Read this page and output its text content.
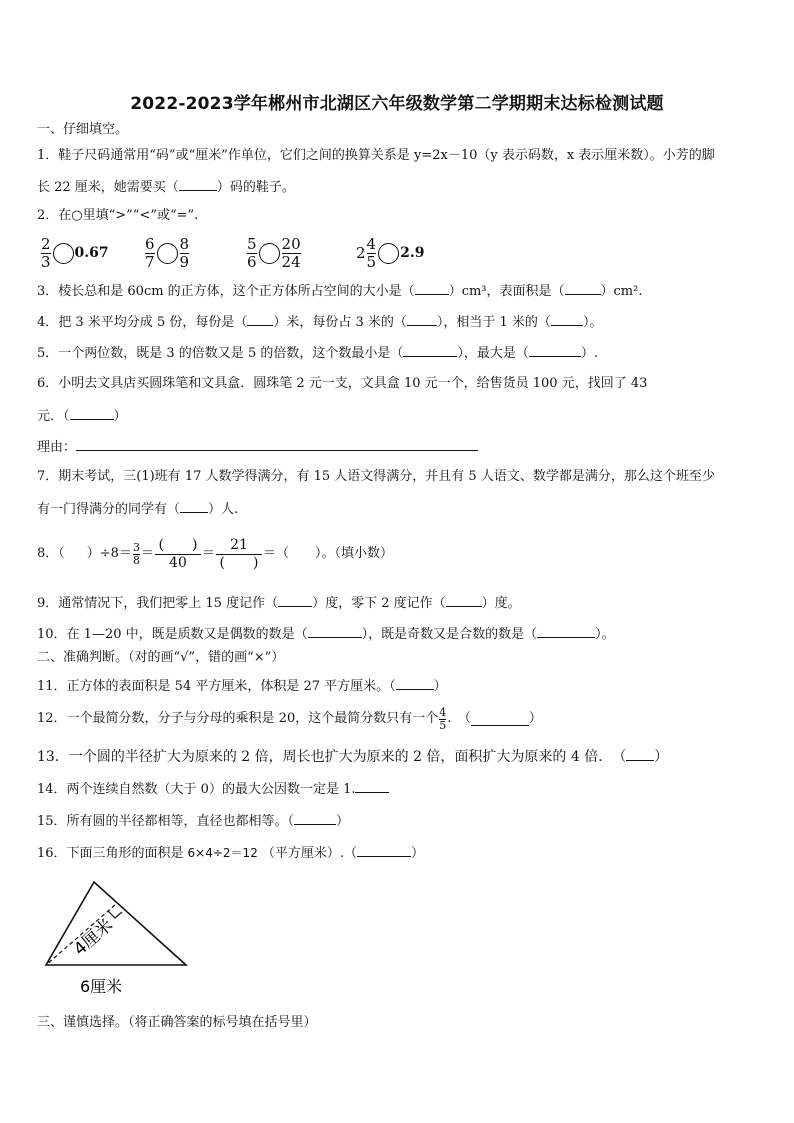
2022-2023学年郴州市北湖区六年级数学第二学期期末达标检测试题
一、仔细填空。
1．鞋子尺码通常用“码”或“厘米”作单位，它们之间的换算关系是 y=2x－10（y 表示码数，x 表示厘米数）。小芳的脚
长 22 厘米，她需要买（	）码的鞋子。
2．在○里填“>”“<”或“=”.
$\frac{2}{3} 0.67 \frac{6}{7} \frac{8}{9}$	$\frac{5}{6} \frac{20}{24}$	$2 \frac{4}{5} 2.9$
3．棱长总和是 60cm 的正方体，这个正方体所占空间的大小是（	）cm³，表面积是（	）cm².
4．把 3 米平均分成 5 份，每份是（ ）米，每份占 3 米的（ ），相当于 1 米的（ ）。
5．一个两位数，既是 3 的倍数又是 5 的倍数，这个数最小是（	），最大是（	）.
6．小明去文具店买圆珠笔和文具盒．圆珠笔 2 元一支，文具盒 10 元一个，给售货员 100 元，找回了 43
元．（	）
理由：
7．期末考试，三(1)班有 17 人数学得满分，有 15 人语文得满分，并且有 5 人语文、数学都是满分，那么这个班至少
有一门得满分的同学有（ ）人.
8．（ ）$\div 8= \frac{3}{8} = \frac{( )}{40} = \frac{21}{( )}$ ＝（ ）。（填小数）
9．通常情况下，我们把零上 15 度记作（	）度，零下 2 度记作（	）度。
10．在 1—20 中，既是质数又是偶数的数是（	），既是奇数又是合数的数是（	）。
二、准确判断。（对的画“√”，错的画“×”）
11．正方体的表面积是 54 平方厘米，体积是 27 平方厘米。（	）
12．一个最简分数，分子与分母的乘积是 20，这个最简分数只有一个 $\frac{4}{5}$ .　（	）
13．一个圆的半径扩大为原来的 2 倍，周长也扩大为原来的 2 倍，面积扩大为原来的 4 倍．　（ ）
14．两个连续自然数（大于 0）的最大公因数一定是 1.
15．所有圆的半径都相等，直径也都相等。（	）
16．下面三角形的面积是 6×4÷2＝12 （平方厘米）.（	）
4厘米
6厘米
三、谨慎选择。（将正确答案的标号填在括号里）
